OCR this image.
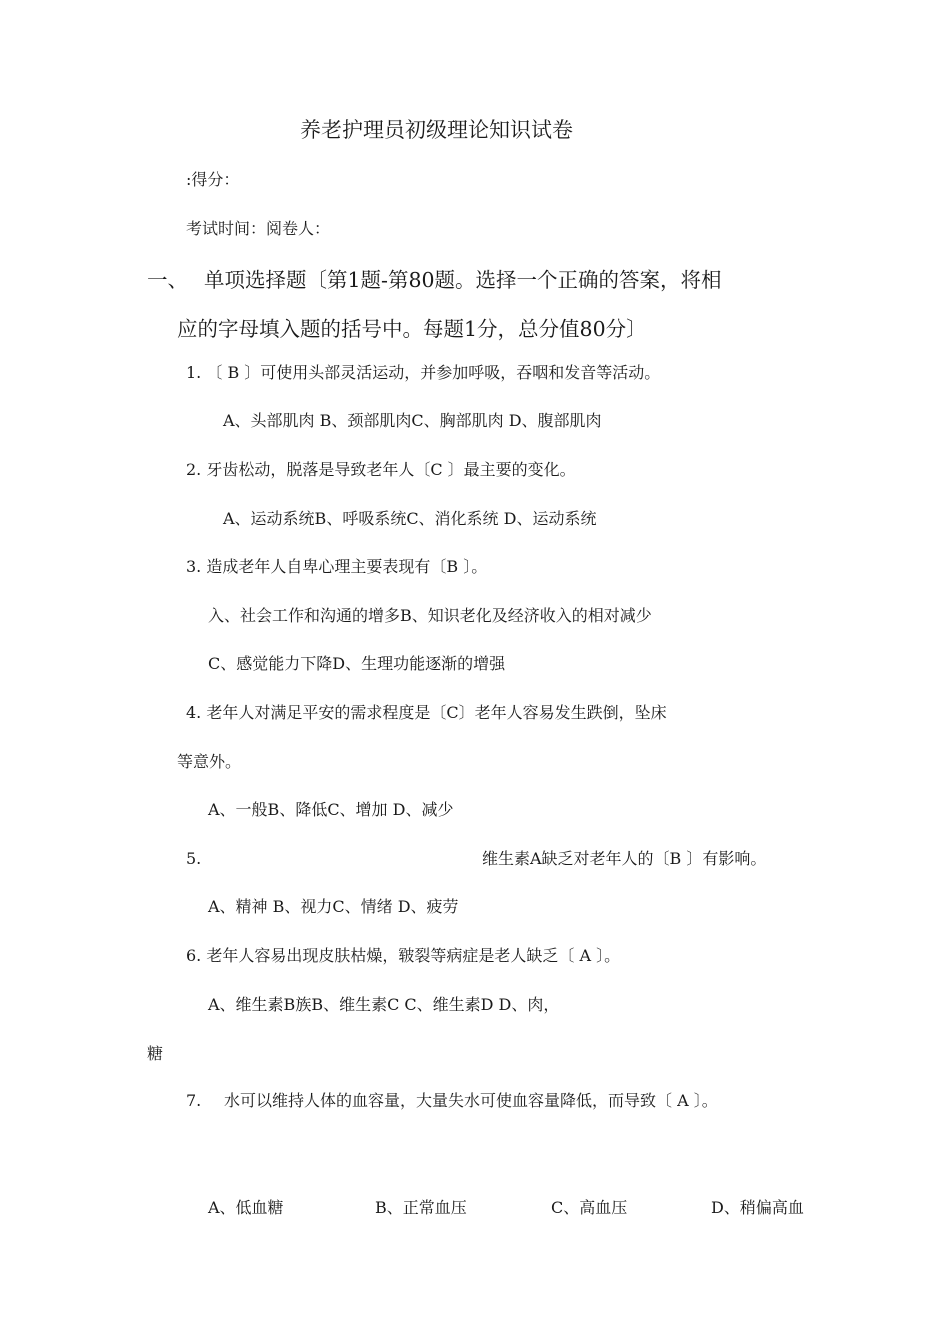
养老护理员初级理论知识试卷
:得分：
考试时间：阅卷人：
一、 单项选择题〔第1题-第80题。选择一个正确的答案，将相
应的字母填入题的括号中。每题1分，总分值80分〕
1. 〔 B 〕可使用头部灵活运动，并参加呼吸，吞咽和发音等活动。
A、头部肌肉 B、颈部肌肉C、胸部肌肉 D、腹部肌肉
2. 牙齿松动，脱落是导致老年人〔C 〕最主要的变化。
A、运动系统B、呼吸系统C、消化系统 D、运动系统
3. 造成老年人自卑心理主要表现有〔B 〕。
入、社会工作和沟通的增多B、知识老化及经济收入的相对减少
C、感觉能力下降D、生理功能逐渐的增强
4. 老年人对满足平安的需求程度是〔C〕老年人容易发生跌倒，坠床
等意外。
A、一般B、降低C、增加 D、减少
5.	维生素A缺乏对老年人的〔B 〕有影响。
A、精神 B、视力C、情绪 D、疲劳
6. 老年人容易出现皮肤枯燥，皲裂等病症是老人缺乏〔 A 〕。
A、维生素B族B、维生素C C、维生素D D、肉，
糖
7. 水可以维持人体的血容量，大量失水可使血容量降低，而导致〔 A 〕。
A、低血糖	B、正常血压	C、高血压	D、稍偏高血
